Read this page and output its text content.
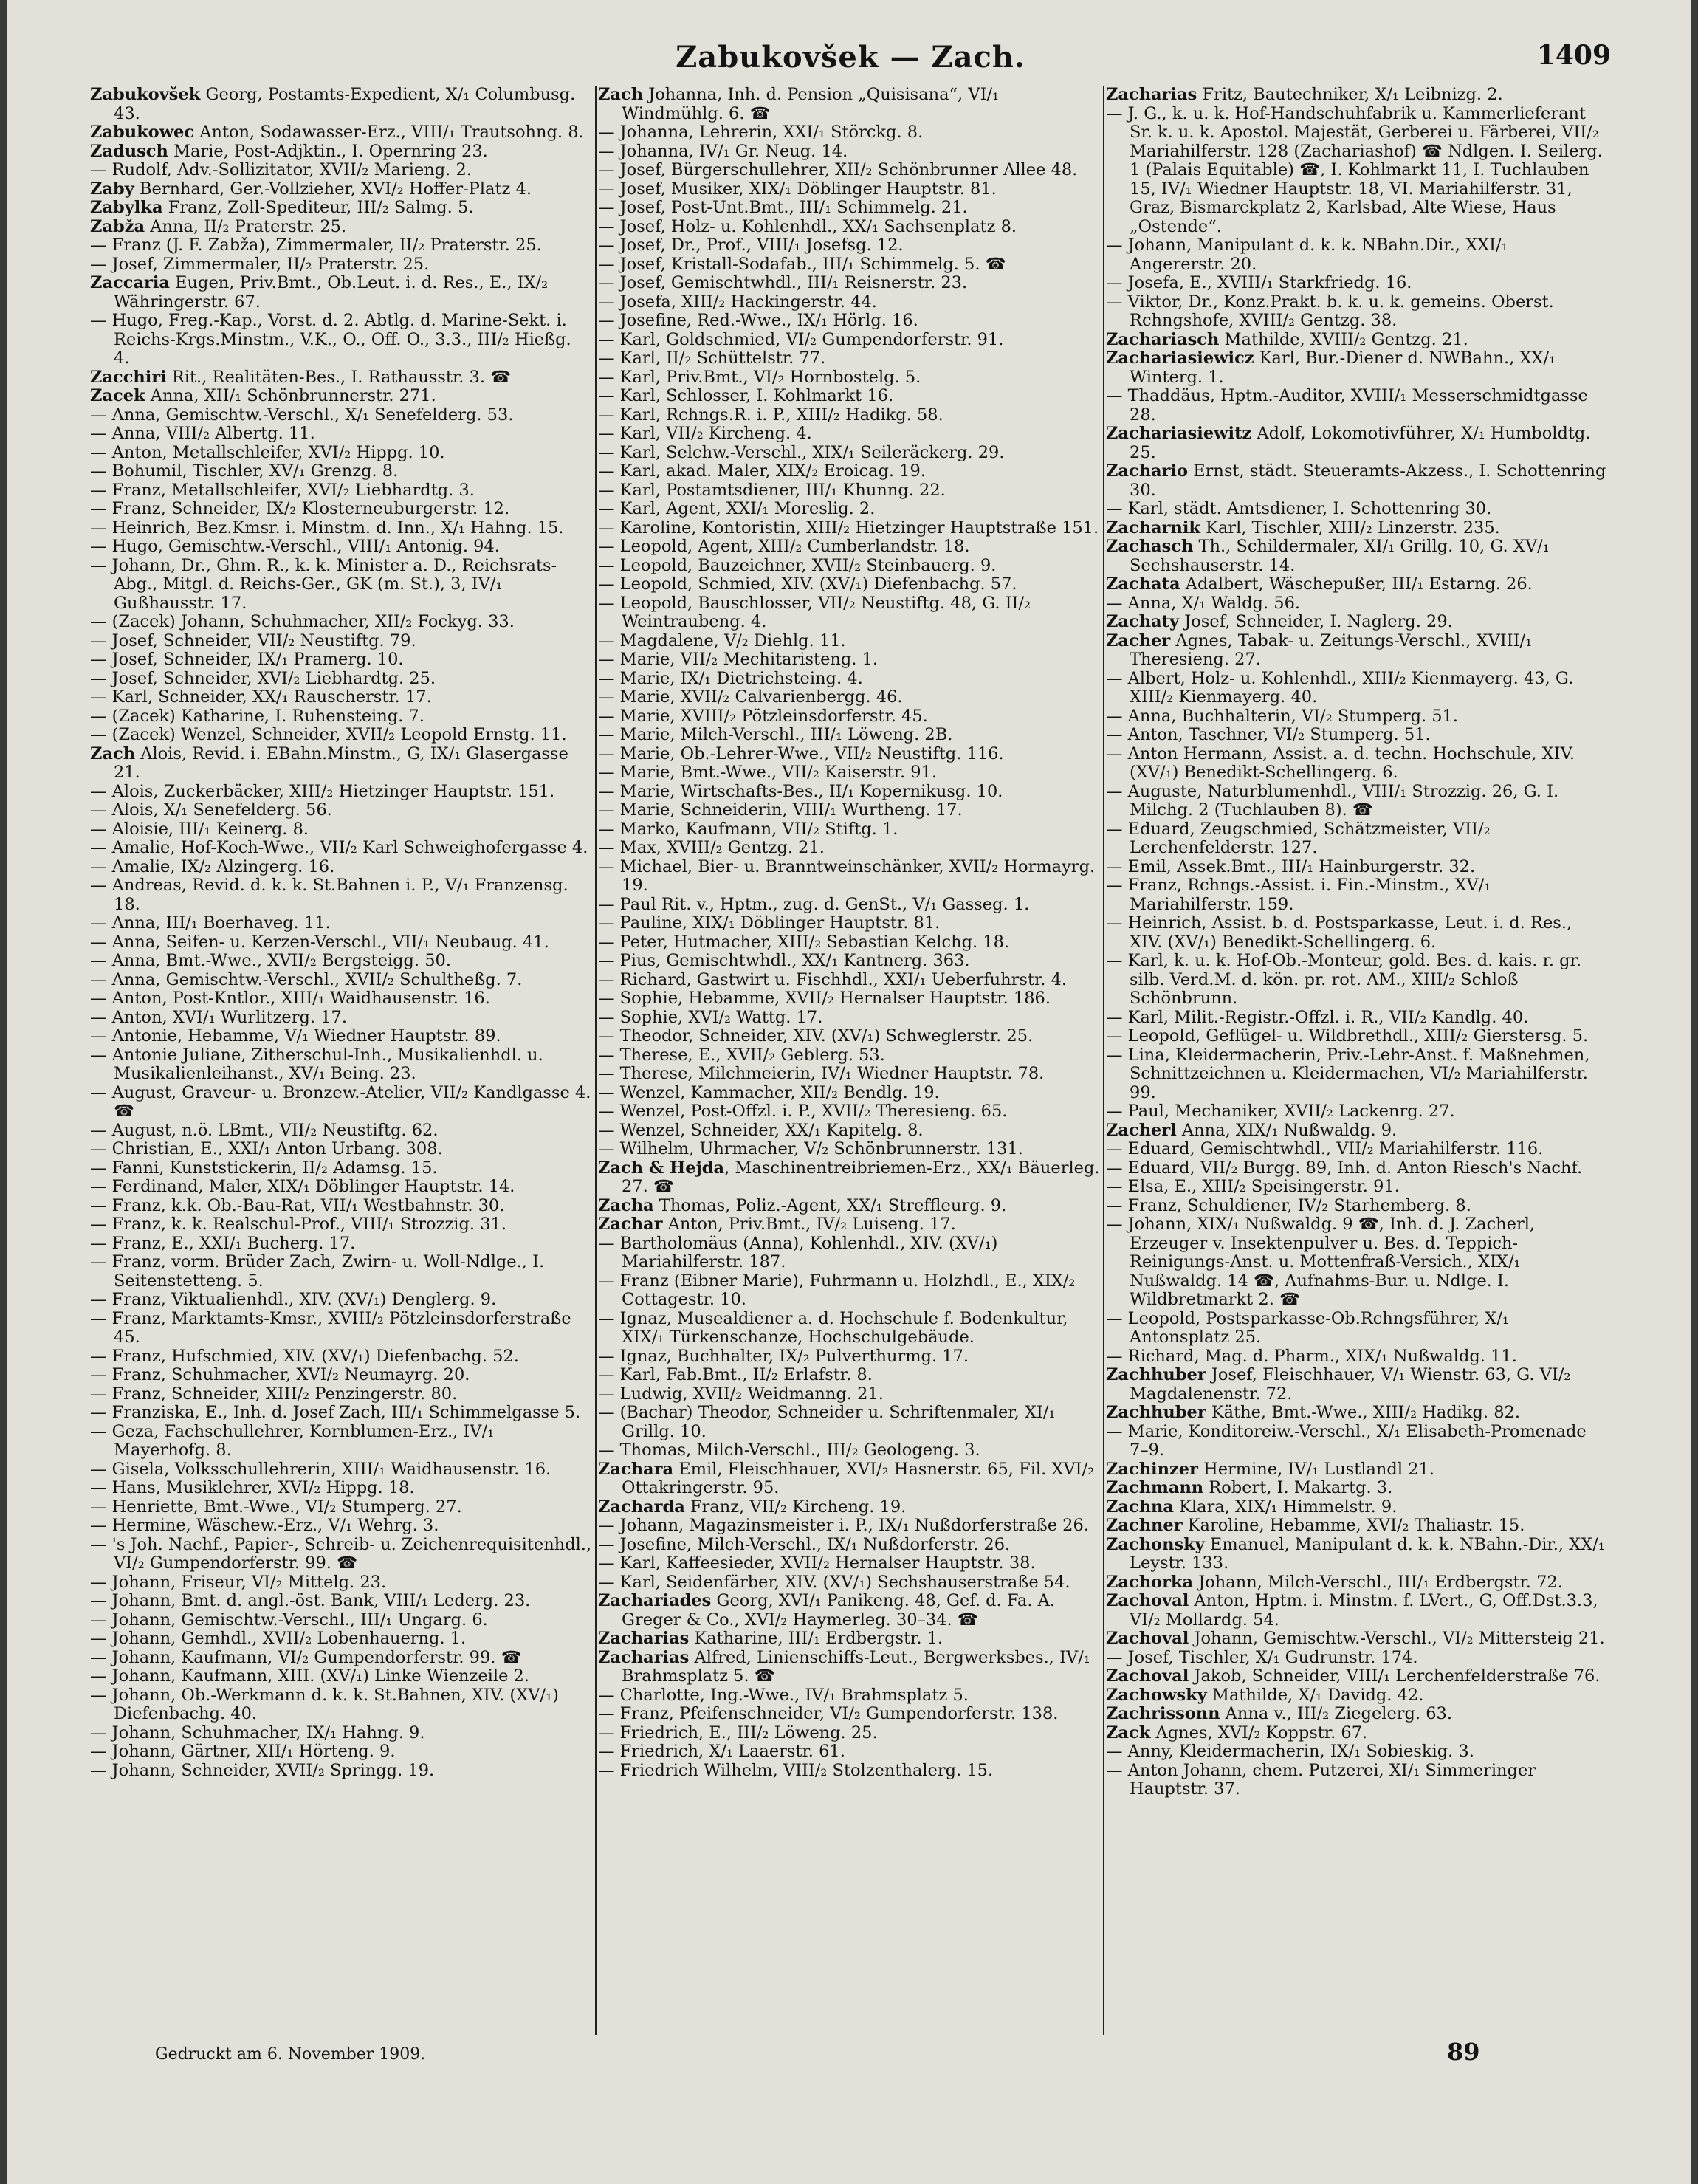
Zabukovšek — Zach.	1409

Zabukovšek Georg, Postamts-Expedient, X/₁ Columbusg. 43.

Zabukowec Anton, Sodawasser-Erz., VIII/₁ Trautsohng. 8.

Zadusch Marie, Post-Adjktin., I. Opernring 23.

— Rudolf, Adv.-Sollizitator, XVII/₂ Marieng. 2.

Zaby Bernhard, Ger.-Vollzieher, XVI/₂ Hoffer-Platz 4.

Zabylka Franz, Zoll-Spediteur, III/₂ Salmg. 5.

Zabža Anna, II/₂ Praterstr. 25.

— Franz (J. F. Zabža), Zimmermaler, II/₂ Praterstr. 25.

— Josef, Zimmermaler, II/₂ Praterstr. 25.

Zaccaria Eugen, Priv.Bmt., Ob.Leut. i. d. Res., E., IX/₂ Währingerstr. 67.

— Hugo, Freg.-Kap., Vorst. d. 2. Abtlg. d. Marine-Sekt. i. Reichs-Krgs.Minstm., V.K., O., Off. O., 3.3., III/₂ Hießg. 4.

Zacchiri Rit., Realitäten-Bes., I. Rathausstr. 3. ☎

Zacek Anna, XII/₁ Schönbrunnerstr. 271.

— Anna, Gemischtw.-Verschl., X/₁ Senefelderg. 53.

— Anna, VIII/₂ Albertg. 11.

— Anton, Metallschleifer, XVI/₂ Hippg. 10.

— Bohumil, Tischler, XV/₁ Grenzg. 8.

— Franz, Metallschleifer, XVI/₂ Liebhardtg. 3.

— Franz, Schneider, IX/₂ Klosterneuburgerstr. 12.

— Heinrich, Bez.Kmsr. i. Minstm. d. Inn., X/₁ Hahng. 15.

— Hugo, Gemischtw.-Verschl., VIII/₁ Antonig. 94.

— Johann, Dr., Ghm. R., k. k. Minister a. D., Reichsrats-Abg., Mitgl. d. Reichs-Ger., GK (m. St.), 3, IV/₁ Gußhausstr. 17.

— (Zacek) Johann, Schuhmacher, XII/₂ Fockyg. 33.

— Josef, Schneider, VII/₂ Neustiftg. 79.

— Josef, Schneider, IX/₁ Pramerg. 10.

— Josef, Schneider, XVI/₂ Liebhardtg. 25.

— Karl, Schneider, XX/₁ Rauscherstr. 17.

— (Zacek) Katharine, I. Ruhensteing. 7.

— (Zacek) Wenzel, Schneider, XVII/₂ Leopold Ernstg. 11.

Zach Alois, Revid. i. EBahn.Minstm., G, IX/₁ Glasergasse 21.

— Alois, Zuckerbäcker, XIII/₂ Hietzinger Hauptstr. 151.

— Alois, X/₁ Senefelderg. 56.

— Aloisie, III/₁ Keinerg. 8.

— Amalie, Hof-Koch-Wwe., VII/₂ Karl Schweighofergasse 4.

— Amalie, IX/₂ Alzingerg. 16.

— Andreas, Revid. d. k. k. St.Bahnen i. P., V/₁ Franzensg. 18.

— Anna, III/₁ Boerhaveg. 11.

— Anna, Seifen- u. Kerzen-Verschl., VII/₁ Neubaug. 41.

— Anna, Bmt.-Wwe., XVII/₂ Bergsteigg. 50.

— Anna, Gemischtw.-Verschl., XVII/₂ Schultheßg. 7.

— Anton, Post-Kntlor., XIII/₁ Waidhausenstr. 16.

— Anton, XVI/₁ Wurlitzerg. 17.

— Antonie, Hebamme, V/₁ Wiedner Hauptstr. 89.

— Antonie Juliane, Zitherschul-Inh., Musikalienhdl. u. Musikalienleihanst., XV/₁ Being. 23.

— August, Graveur- u. Bronzew.-Atelier, VII/₂ Kandlgasse 4. ☎

— August, n.ö. LBmt., VII/₂ Neustiftg. 62.

— Christian, E., XXI/₁ Anton Urbang. 308.

— Fanni, Kunststickerin, II/₂ Adamsg. 15.

— Ferdinand, Maler, XIX/₁ Döblinger Hauptstr. 14.

— Franz, k.k. Ob.-Bau-Rat, VII/₁ Westbahnstr. 30.

— Franz, k. k. Realschul-Prof., VIII/₁ Strozzig. 31.

— Franz, E., XXI/₁ Bucherg. 17.

— Franz, vorm. Brüder Zach, Zwirn- u. Woll-Ndlge., I. Seitenstetteng. 5.

— Franz, Viktualienhdl., XIV. (XV/₁) Denglerg. 9.

— Franz, Marktamts-Kmsr., XVIII/₂ Pötzleinsdorferstraße 45.

— Franz, Hufschmied, XIV. (XV/₁) Diefenbachg. 52.

— Franz, Schuhmacher, XVI/₂ Neumayrg. 20.

— Franz, Schneider, XIII/₂ Penzingerstr. 80.

— Franziska, E., Inh. d. Josef Zach, III/₁ Schimmelgasse 5.

— Geza, Fachschullehrer, Kornblumen-Erz., IV/₁ Mayerhofg. 8.

— Gisela, Volksschullehrerin, XIII/₁ Waidhausenstr. 16.

— Hans, Musiklehrer, XVI/₂ Hippg. 18.

— Henriette, Bmt.-Wwe., VI/₂ Stumperg. 27.

— Hermine, Wäschew.-Erz., V/₁ Wehrg. 3.

— 's Joh. Nachf., Papier-, Schreib- u. Zeichenrequisitenhdl., VI/₂ Gumpendorferstr. 99. ☎

— Johann, Friseur, VI/₂ Mittelg. 23.

— Johann, Bmt. d. angl.-öst. Bank, VIII/₁ Lederg. 23.

— Johann, Gemischtw.-Verschl., III/₁ Ungarg. 6.

— Johann, Gemhdl., XVII/₂ Lobenhauerng. 1.

— Johann, Kaufmann, VI/₂ Gumpendorferstr. 99. ☎

— Johann, Kaufmann, XIII. (XV/₁) Linke Wienzeile 2.

— Johann, Ob.-Werkmann d. k. k. St.Bahnen, XIV. (XV/₁) Diefenbachg. 40.

— Johann, Schuhmacher, IX/₁ Hahng. 9.

— Johann, Gärtner, XII/₁ Hörteng. 9.

— Johann, Schneider, XVII/₂ Springg. 19.

Zach Johanna, Inh. d. Pension „Quisisana“, VI/₁ Windmühlg. 6. ☎

— Johanna, Lehrerin, XXI/₁ Störckg. 8.

— Johanna, IV/₁ Gr. Neug. 14.

— Josef, Bürgerschullehrer, XII/₂ Schönbrunner Allee 48.

— Josef, Musiker, XIX/₁ Döblinger Hauptstr. 81.

— Josef, Post-Unt.Bmt., III/₁ Schimmelg. 21.

— Josef, Holz- u. Kohlenhdl., XX/₁ Sachsenplatz 8.

— Josef, Dr., Prof., VIII/₁ Josefsg. 12.

— Josef, Kristall-Sodafab., III/₁ Schimmelg. 5. ☎

— Josef, Gemischtwhdl., III/₁ Reisnerstr. 23.

— Josefa, XIII/₂ Hackingerstr. 44.

— Josefine, Red.-Wwe., IX/₁ Hörlg. 16.

— Karl, Goldschmied, VI/₂ Gumpendorferstr. 91.

— Karl, II/₂ Schüttelstr. 77.

— Karl, Priv.Bmt., VI/₂ Hornbostelg. 5.

— Karl, Schlosser, I. Kohlmarkt 16.

— Karl, Rchngs.R. i. P., XIII/₂ Hadikg. 58.

— Karl, VII/₂ Kircheng. 4.

— Karl, Selchw.-Verschl., XIX/₁ Seileräckerg. 29.

— Karl, akad. Maler, XIX/₂ Eroicag. 19.

— Karl, Postamtsdiener, III/₁ Khunng. 22.

— Karl, Agent, XXI/₁ Moreslig. 2.

— Karoline, Kontoristin, XIII/₂ Hietzinger Hauptstraße 151.

— Leopold, Agent, XIII/₂ Cumberlandstr. 18.

— Leopold, Bauzeichner, XVII/₂ Steinbauerg. 9.

— Leopold, Schmied, XIV. (XV/₁) Diefenbachg. 57.

— Leopold, Bauschlosser, VII/₂ Neustiftg. 48, G. II/₂ Weintraubeng. 4.

— Magdalene, V/₂ Diehlg. 11.

— Marie, VII/₂ Mechitaristeng. 1.

— Marie, IX/₁ Dietrichsteing. 4.

— Marie, XVII/₂ Calvarienbergg. 46.

— Marie, XVIII/₂ Pötzleinsdorferstr. 45.

— Marie, Milch-Verschl., III/₁ Löweng. 2B.

— Marie, Ob.-Lehrer-Wwe., VII/₂ Neustiftg. 116.

— Marie, Bmt.-Wwe., VII/₂ Kaiserstr. 91.

— Marie, Wirtschafts-Bes., II/₁ Kopernikusg. 10.

— Marie, Schneiderin, VIII/₁ Wurtheng. 17.

— Marko, Kaufmann, VII/₂ Stiftg. 1.

— Max, XVIII/₂ Gentzg. 21.

— Michael, Bier- u. Branntweinschänker, XVII/₂ Hormayrg. 19.

— Paul Rit. v., Hptm., zug. d. GenSt., V/₁ Gasseg. 1.

— Pauline, XIX/₁ Döblinger Hauptstr. 81.

— Peter, Hutmacher, XIII/₂ Sebastian Kelchg. 18.

— Pius, Gemischtwhdl., XX/₁ Kantnerg. 363.

— Richard, Gastwirt u. Fischhdl., XXI/₁ Ueberfuhrstr. 4.

— Sophie, Hebamme, XVII/₂ Hernalser Hauptstr. 186.

— Sophie, XVI/₂ Wattg. 17.

— Theodor, Schneider, XIV. (XV/₁) Schweglerstr. 25.

— Therese, E., XVII/₂ Geblerg. 53.

— Therese, Milchmeierin, IV/₁ Wiedner Hauptstr. 78.

— Wenzel, Kammacher, XII/₂ Bendlg. 19.

— Wenzel, Post-Offzl. i. P., XVII/₂ Theresieng. 65.

— Wenzel, Schneider, XX/₁ Kapitelg. 8.

— Wilhelm, Uhrmacher, V/₂ Schönbrunnerstr. 131.

Zach & Hejda, Maschinentreibriemen-Erz., XX/₁ Bäuerleg. 27. ☎

Zacha Thomas, Poliz.-Agent, XX/₁ Streffleurg. 9.

Zachar Anton, Priv.Bmt., IV/₂ Luiseng. 17.

— Bartholomäus (Anna), Kohlenhdl., XIV. (XV/₁) Mariahilferstr. 187.

— Franz (Eibner Marie), Fuhrmann u. Holzhdl., E., XIX/₂ Cottagestr. 10.

— Ignaz, Musealdiener a. d. Hochschule f. Bodenkultur, XIX/₁ Türkenschanze, Hochschulgebäude.

— Ignaz, Buchhalter, IX/₂ Pulverthurmg. 17.

— Karl, Fab.Bmt., II/₂ Erlafstr. 8.

— Ludwig, XVII/₂ Weidmanng. 21.

— (Bachar) Theodor, Schneider u. Schriftenmaler, XI/₁ Grillg. 10.

— Thomas, Milch-Verschl., III/₂ Geologeng. 3.

Zachara Emil, Fleischhauer, XVI/₂ Hasnerstr. 65, Fil. XVI/₂ Ottakringerstr. 95.

Zacharda Franz, VII/₂ Kircheng. 19.

— Johann, Magazinsmeister i. P., IX/₁ Nußdorferstraße 26.

— Josefine, Milch-Verschl., IX/₁ Nußdorferstr. 26.

— Karl, Kaffeesieder, XVII/₂ Hernalser Hauptstr. 38.

— Karl, Seidenfärber, XIV. (XV/₁) Sechshauserstraße 54.

Zachariades Georg, XVI/₁ Panikeng. 48, Gef. d. Fa. A. Greger & Co., XVI/₂ Haymerleg. 30–34. ☎

Zacharias Katharine, III/₁ Erdbergstr. 1.

Zacharias Alfred, Linienschiffs-Leut., Bergwerksbes., IV/₁ Brahmsplatz 5. ☎

— Charlotte, Ing.-Wwe., IV/₁ Brahmsplatz 5.

— Franz, Pfeifenschneider, VI/₂ Gumpendorferstr. 138.

— Friedrich, E., III/₂ Löweng. 25.

— Friedrich, X/₁ Laaerstr. 61.

— Friedrich Wilhelm, VIII/₂ Stolzenthalerg. 15.

Zacharias Fritz, Bautechniker, X/₁ Leibnizg. 2.

— J. G., k. u. k. Hof-Handschuhfabrik u. Kammerlieferant Sr. k. u. k. Apostol. Majestät, Gerberei u. Färberei, VII/₂ Mariahilferstr. 128 (Zachariashof) ☎ Ndlgen. I. Seilerg. 1 (Palais Equitable) ☎, I. Kohlmarkt 11, I. Tuchlauben 15, IV/₁ Wiedner Hauptstr. 18, VI. Mariahilferstr. 31, Graz, Bismarckplatz 2, Karlsbad, Alte Wiese, Haus „Ostende“.

— Johann, Manipulant d. k. k. NBahn.Dir., XXI/₁ Angererstr. 20.

— Josefa, E., XVIII/₁ Starkfriedg. 16.

— Viktor, Dr., Konz.Prakt. b. k. u. k. gemeins. Oberst. Rchngshofe, XVIII/₂ Gentzg. 38.

Zachariasch Mathilde, XVIII/₂ Gentzg. 21.

Zachariasiewicz Karl, Bur.-Diener d. NWBahn., XX/₁ Winterg. 1.

— Thaddäus, Hptm.-Auditor, XVIII/₁ Messerschmidtgasse 28.

Zachariasiewitz Adolf, Lokomotivführer, X/₁ Humboldtg. 25.

Zachario Ernst, städt. Steueramts-Akzess., I. Schottenring 30.

— Karl, städt. Amtsdiener, I. Schottenring 30.

Zacharnik Karl, Tischler, XIII/₂ Linzerstr. 235.

Zachasch Th., Schildermaler, XI/₁ Grillg. 10, G. XV/₁ Sechshauserstr. 14.

Zachata Adalbert, Wäschepußer, III/₁ Estarng. 26.

— Anna, X/₁ Waldg. 56.

Zachaty Josef, Schneider, I. Naglerg. 29.

Zacher Agnes, Tabak- u. Zeitungs-Verschl., XVIII/₁ Theresieng. 27.

— Albert, Holz- u. Kohlenhdl., XIII/₂ Kienmayerg. 43, G. XIII/₂ Kienmayerg. 40.

— Anna, Buchhalterin, VI/₂ Stumperg. 51.

— Anton, Taschner, VI/₂ Stumperg. 51.

— Anton Hermann, Assist. a. d. techn. Hochschule, XIV. (XV/₁) Benedikt-Schellingerg. 6.

— Auguste, Naturblumenhdl., VIII/₁ Strozzig. 26, G. I. Milchg. 2 (Tuchlauben 8). ☎

— Eduard, Zeugschmied, Schätzmeister, VII/₂ Lerchenfelderstr. 127.

— Emil, Assek.Bmt., III/₁ Hainburgerstr. 32.

— Franz, Rchngs.-Assist. i. Fin.-Minstm., XV/₁ Mariahilferstr. 159.

— Heinrich, Assist. b. d. Postsparkasse, Leut. i. d. Res., XIV. (XV/₁) Benedikt-Schellingerg. 6.

— Karl, k. u. k. Hof-Ob.-Monteur, gold. Bes. d. kais. r. gr. silb. Verd.M. d. kön. pr. rot. AM., XIII/₂ Schloß Schönbrunn.

— Karl, Milit.-Registr.-Offzl. i. R., VII/₂ Kandlg. 40.

— Leopold, Geflügel- u. Wildbrethdl., XIII/₂ Gierstersg. 5.

— Lina, Kleidermacherin, Priv.-Lehr-Anst. f. Maßnehmen, Schnittzeichnen u. Kleidermachen, VI/₂ Mariahilferstr. 99.

— Paul, Mechaniker, XVII/₂ Lackenrg. 27.

Zacherl Anna, XIX/₁ Nußwaldg. 9.

— Eduard, Gemischtwhdl., VII/₂ Mariahilferstr. 116.

— Eduard, VII/₂ Burgg. 89, Inh. d. Anton Riesch's Nachf.

— Elsa, E., XIII/₂ Speisingerstr. 91.

— Franz, Schuldiener, IV/₂ Starhemberg. 8.

— Johann, XIX/₁ Nußwaldg. 9 ☎, Inh. d. J. Zacherl, Erzeuger v. Insektenpulver u. Bes. d. Teppich-Reinigungs-Anst. u. Mottenfraß-Versich., XIX/₁ Nußwaldg. 14 ☎, Aufnahms-Bur. u. Ndlge. I. Wildbretmarkt 2. ☎

— Leopold, Postsparkasse-Ob.Rchngsführer, X/₁ Antonsplatz 25.

— Richard, Mag. d. Pharm., XIX/₁ Nußwaldg. 11.

Zachhuber Josef, Fleischhauer, V/₁ Wienstr. 63, G. VI/₂ Magdalenenstr. 72.

Zachhuber Käthe, Bmt.-Wwe., XIII/₂ Hadikg. 82.

— Marie, Konditoreiw.-Verschl., X/₁ Elisabeth-Promenade 7–9.

Zachinzer Hermine, IV/₁ Lustlandl 21.

Zachmann Robert, I. Makartg. 3.

Zachna Klara, XIX/₁ Himmelstr. 9.

Zachner Karoline, Hebamme, XVI/₂ Thaliastr. 15.

Zachonsky Emanuel, Manipulant d. k. k. NBahn.-Dir., XX/₁ Leystr. 133.

Zachorka Johann, Milch-Verschl., III/₁ Erdbergstr. 72.

Zachoval Anton, Hptm. i. Minstm. f. LVert., G, Off.Dst.3.3, VI/₂ Mollardg. 54.

Zachoval Johann, Gemischtw.-Verschl., VI/₂ Mittersteig 21.

— Josef, Tischler, X/₁ Gudrunstr. 174.

Zachoval Jakob, Schneider, VIII/₁ Lerchenfelderstraße 76.

Zachowsky Mathilde, X/₁ Davidg. 42.

Zachrissonn Anna v., III/₂ Ziegelerg. 63.

Zack Agnes, XVI/₂ Koppstr. 67.

— Anny, Kleidermacherin, IX/₁ Sobieskig. 3.

— Anton Johann, chem. Putzerei, XI/₁ Simmeringer Hauptstr. 37.

Gedruckt am 6. November 1909.	89
